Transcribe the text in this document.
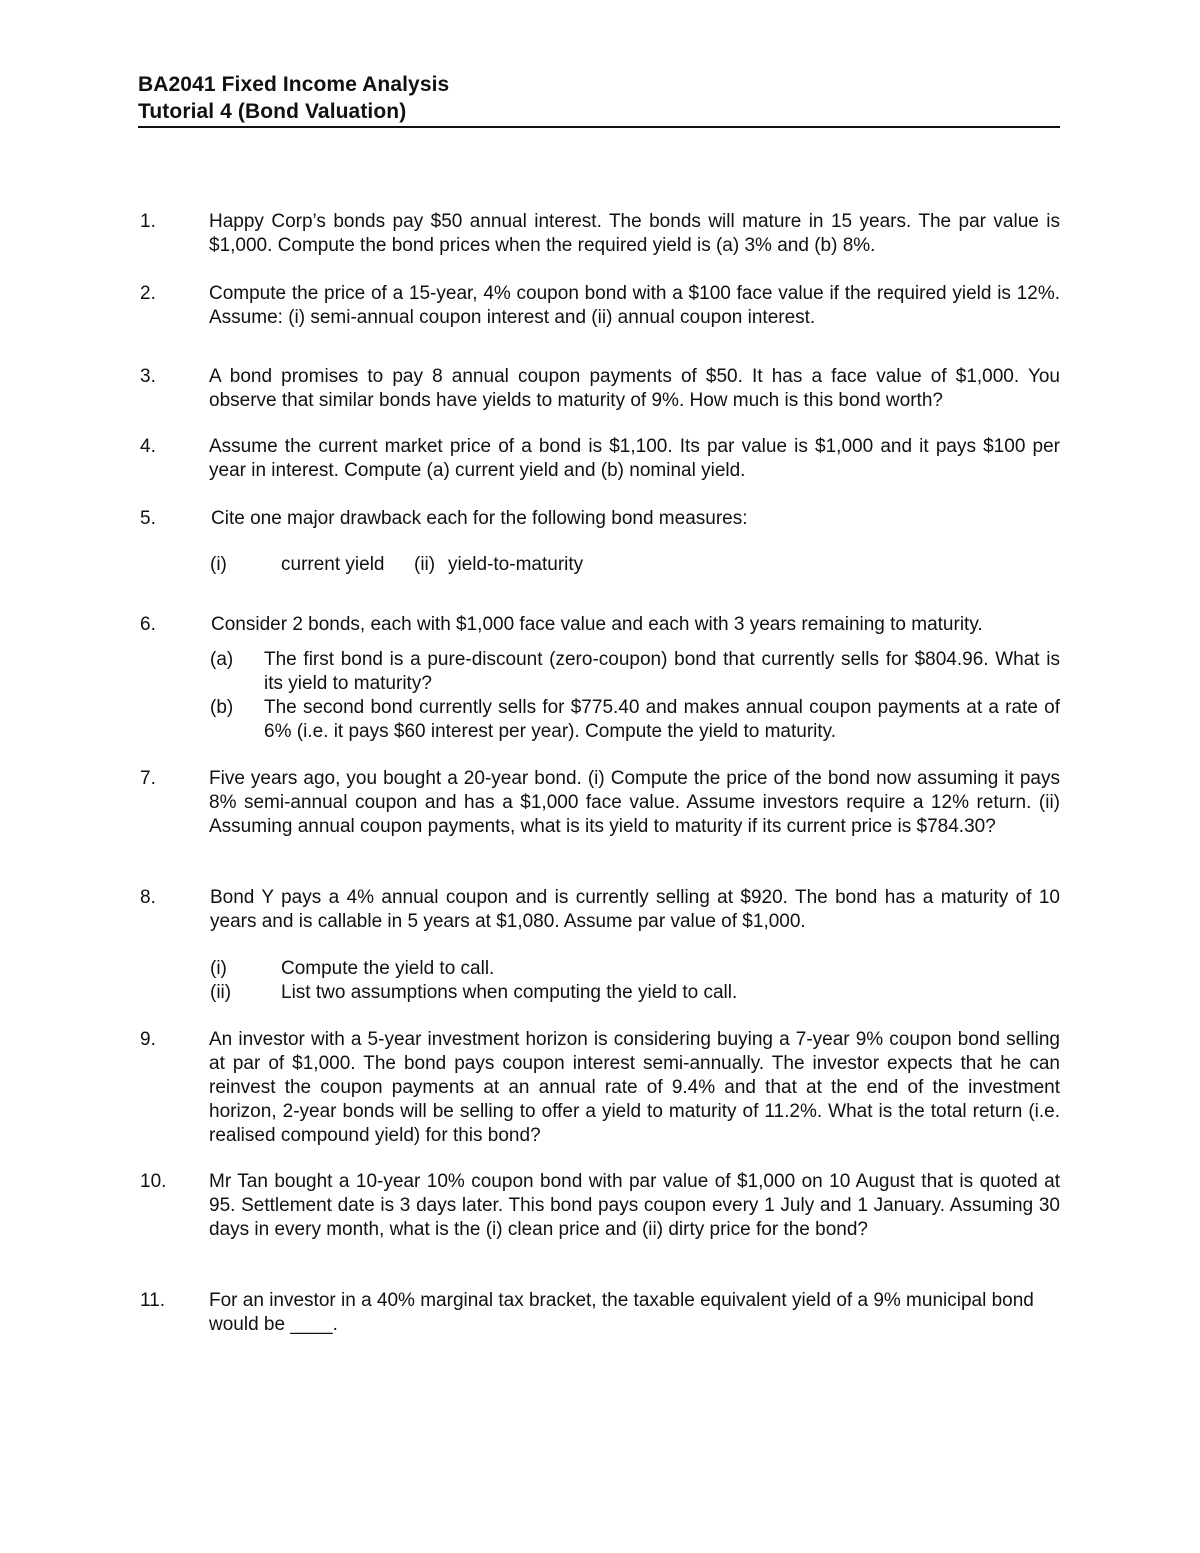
BA2041 Fixed Income Analysis
Tutorial 4 (Bond Valuation)
1.	Happy Corp’s bonds pay $50 annual interest. The bonds will mature in 15 years. The par value is $1,000. Compute the bond prices when the required yield is (a) 3% and (b) 8%.
2.	Compute the price of a 15-year, 4% coupon bond with a $100 face value if the required yield is 12%. Assume: (i) semi-annual coupon interest and (ii) annual coupon interest.
3.	A bond promises to pay 8 annual coupon payments of $50. It has a face value of $1,000. You observe that similar bonds have yields to maturity of 9%. How much is this bond worth?
4.	Assume the current market price of a bond is $1,100. Its par value is $1,000 and it pays $100 per year in interest. Compute (a) current yield and (b) nominal yield.
5.	Cite one major drawback each for the following bond measures:
(i)	current yield (ii) yield-to-maturity
6.	Consider 2 bonds, each with $1,000 face value and each with 3 years remaining to maturity.
(a) The first bond is a pure-discount (zero-coupon) bond that currently sells for $804.96. What is its yield to maturity?
(b) The second bond currently sells for $775.40 and makes annual coupon payments at a rate of 6% (i.e. it pays $60 interest per year). Compute the yield to maturity.
7.	Five years ago, you bought a 20-year bond. (i) Compute the price of the bond now assuming it pays 8% semi-annual coupon and has a $1,000 face value. Assume investors require a 12% return. (ii) Assuming annual coupon payments, what is its yield to maturity if its current price is $784.30?
8.	Bond Y pays a 4% annual coupon and is currently selling at $920. The bond has a maturity of 10 years and is callable in 5 years at $1,080. Assume par value of $1,000.
(i)	Compute the yield to call.
(ii)	List two assumptions when computing the yield to call.
9.	An investor with a 5-year investment horizon is considering buying a 7-year 9% coupon bond selling at par of $1,000. The bond pays coupon interest semi-annually. The investor expects that he can reinvest the coupon payments at an annual rate of 9.4% and that at the end of the investment horizon, 2-year bonds will be selling to offer a yield to maturity of 11.2%. What is the total return (i.e. realised compound yield) for this bond?
10. Mr Tan bought a 10-year 10% coupon bond with par value of $1,000 on 10 August that is quoted at 95. Settlement date is 3 days later. This bond pays coupon every 1 July and 1 January. Assuming 30 days in every month, what is the (i) clean price and (ii) dirty price for the bond?
11. For an investor in a 40% marginal tax bracket, the taxable equivalent yield of a 9% municipal bond would be ____.
